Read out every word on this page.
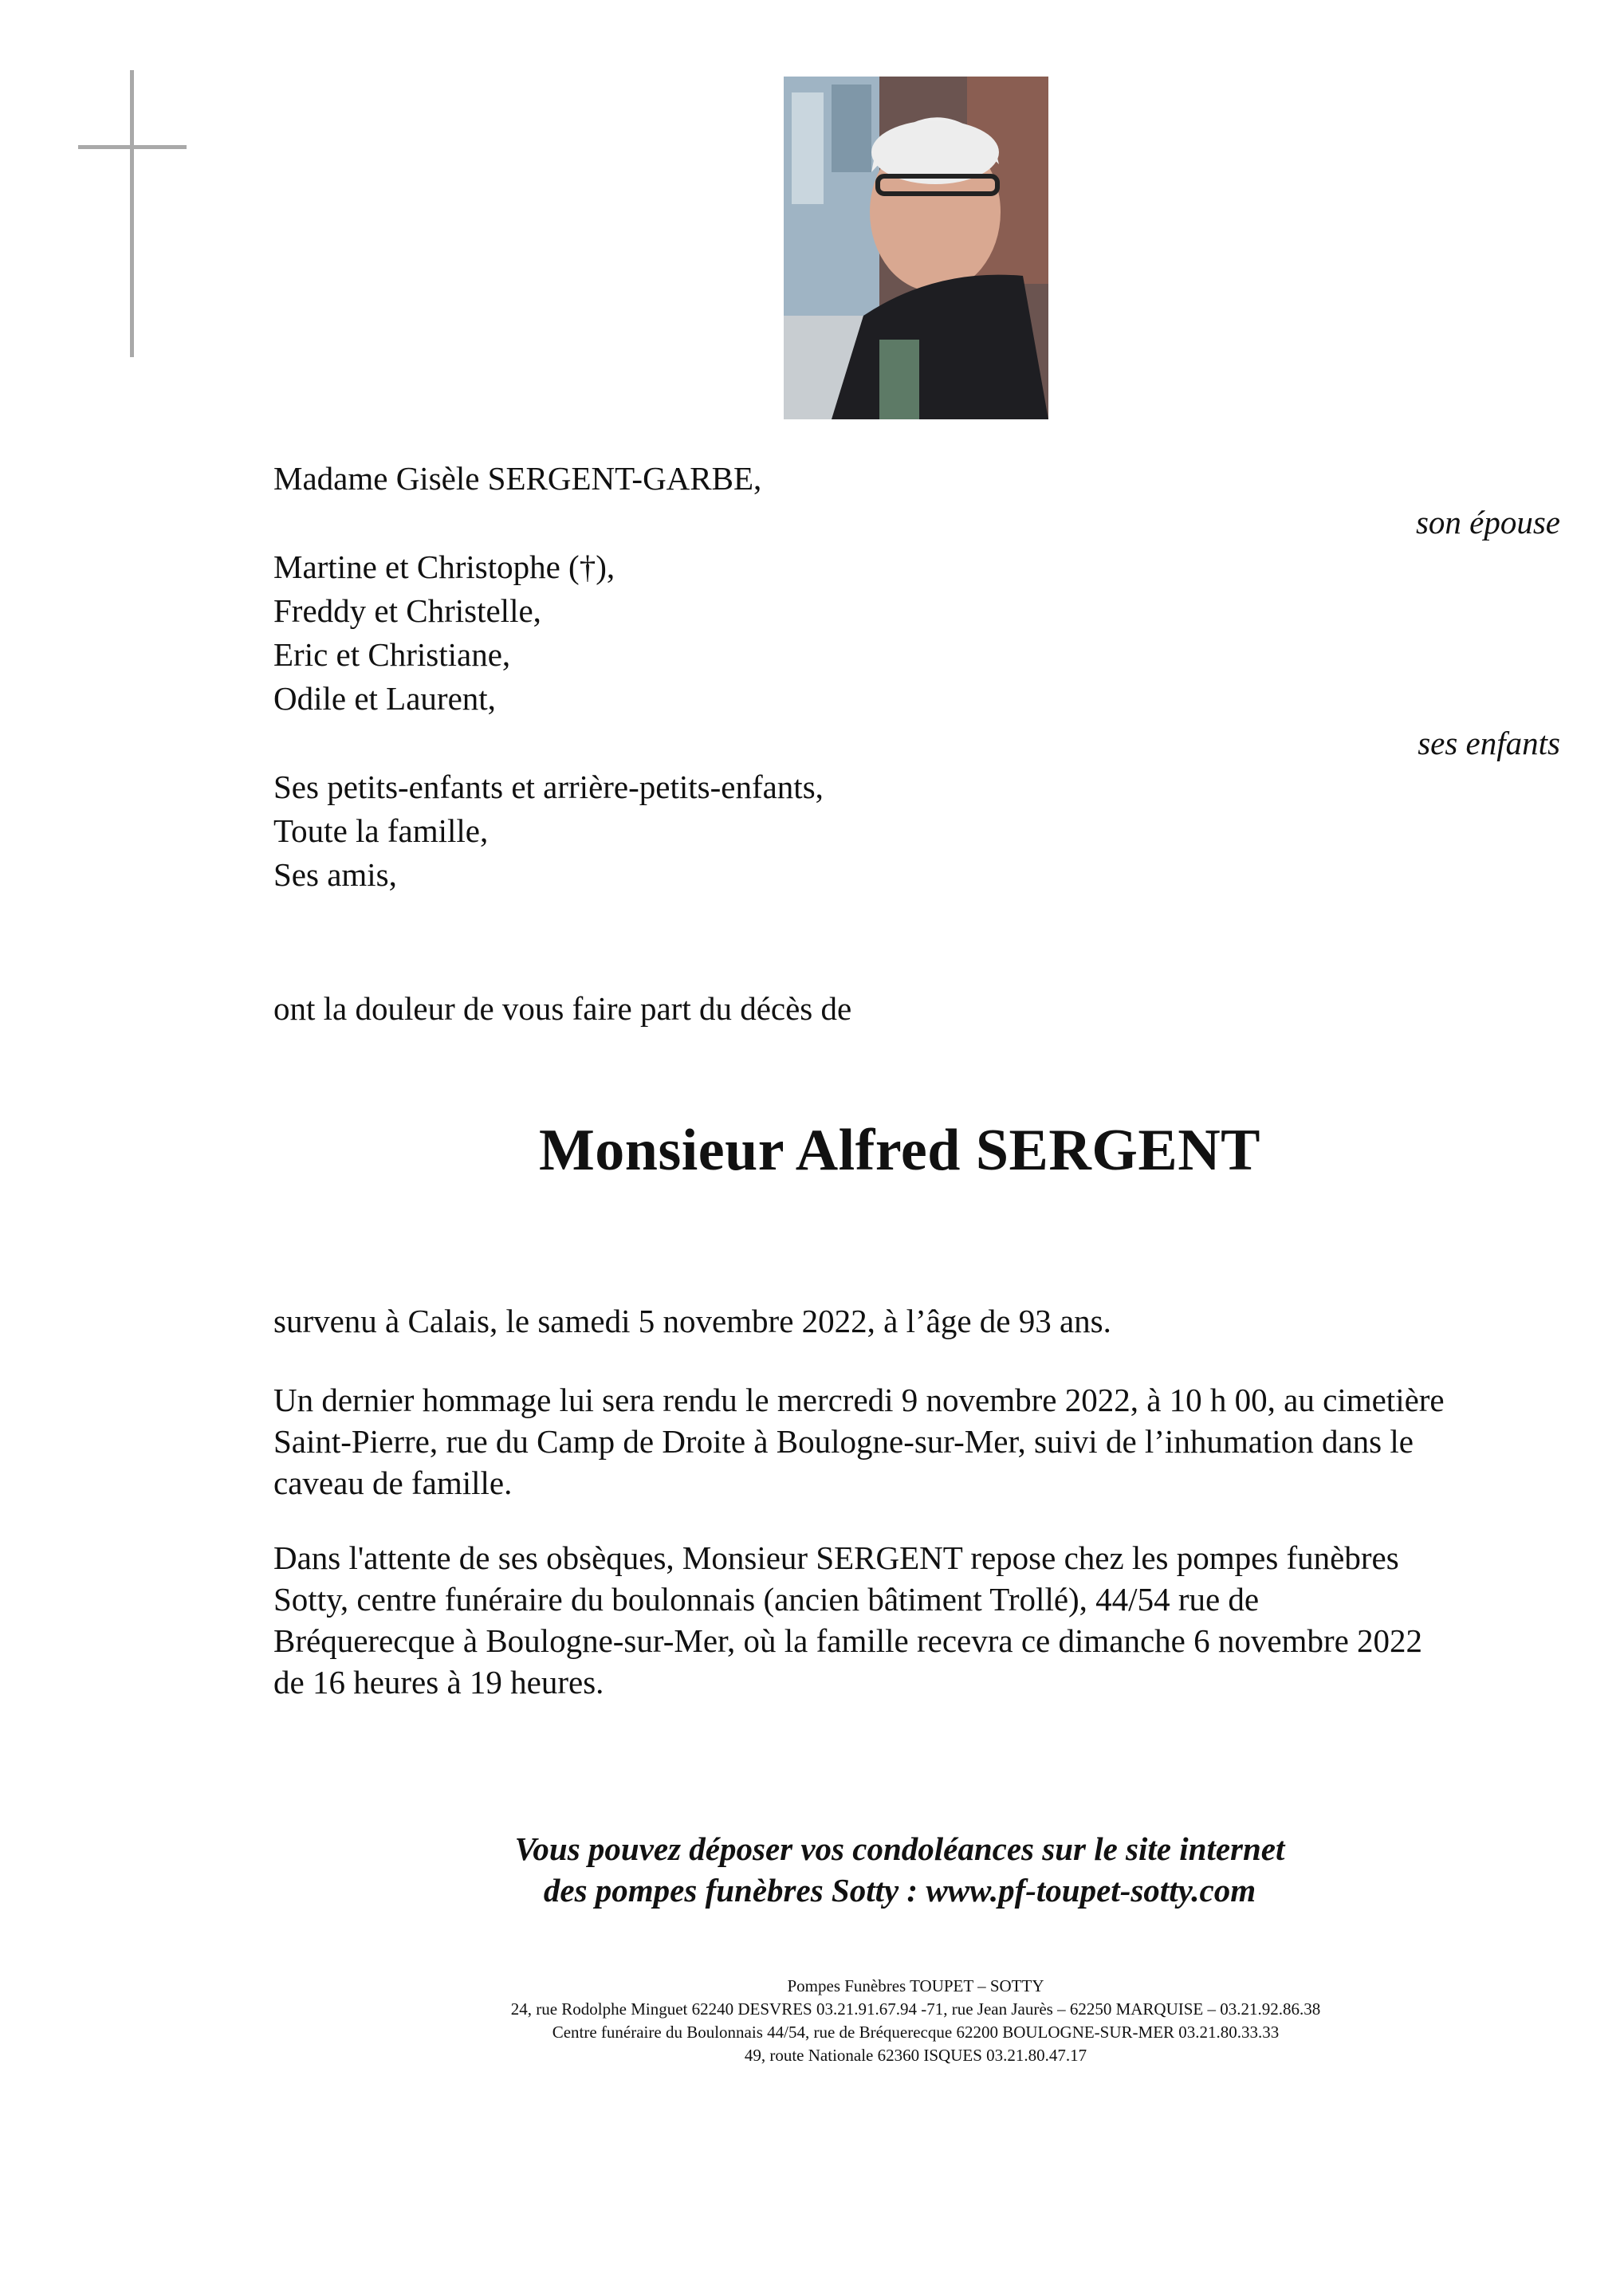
Madame Gisèle SERGENT-GARBE,
son épouse
Martine et Christophe (†),
Freddy et Christelle,
Eric et Christiane,
Odile et Laurent,
ses enfants
Ses petits-enfants et arrière-petits-enfants,
Toute la famille,
Ses amis,
ont la douleur de vous faire part du décès de
Monsieur Alfred SERGENT
survenu à Calais, le samedi 5 novembre 2022, à l’âge de 93 ans.
Un dernier hommage lui sera rendu le mercredi 9 novembre 2022, à 10 h 00, au cimetière
Saint-Pierre, rue du Camp de Droite à Boulogne-sur-Mer, suivi de l’inhumation dans le
caveau de famille.
Dans l'attente de ses obsèques, Monsieur SERGENT repose chez les pompes funèbres
Sotty, centre funéraire du boulonnais (ancien bâtiment Trollé), 44/54 rue de
Bréquerecque à Boulogne-sur-Mer, où la famille recevra ce dimanche 6 novembre 2022
de 16 heures à 19 heures.
Vous pouvez déposer vos condoléances sur le site internet
des pompes funèbres Sotty : www.pf-toupet-sotty.com
Pompes Funèbres TOUPET – SOTTY
24, rue Rodolphe Minguet 62240 DESVRES 03.21.91.67.94 -71, rue Jean Jaurès – 62250 MARQUISE – 03.21.92.86.38
Centre funéraire du Boulonnais 44/54, rue de Bréquerecque 62200 BOULOGNE-SUR-MER 03.21.80.33.33
49, route Nationale 62360 ISQUES 03.21.80.47.17
